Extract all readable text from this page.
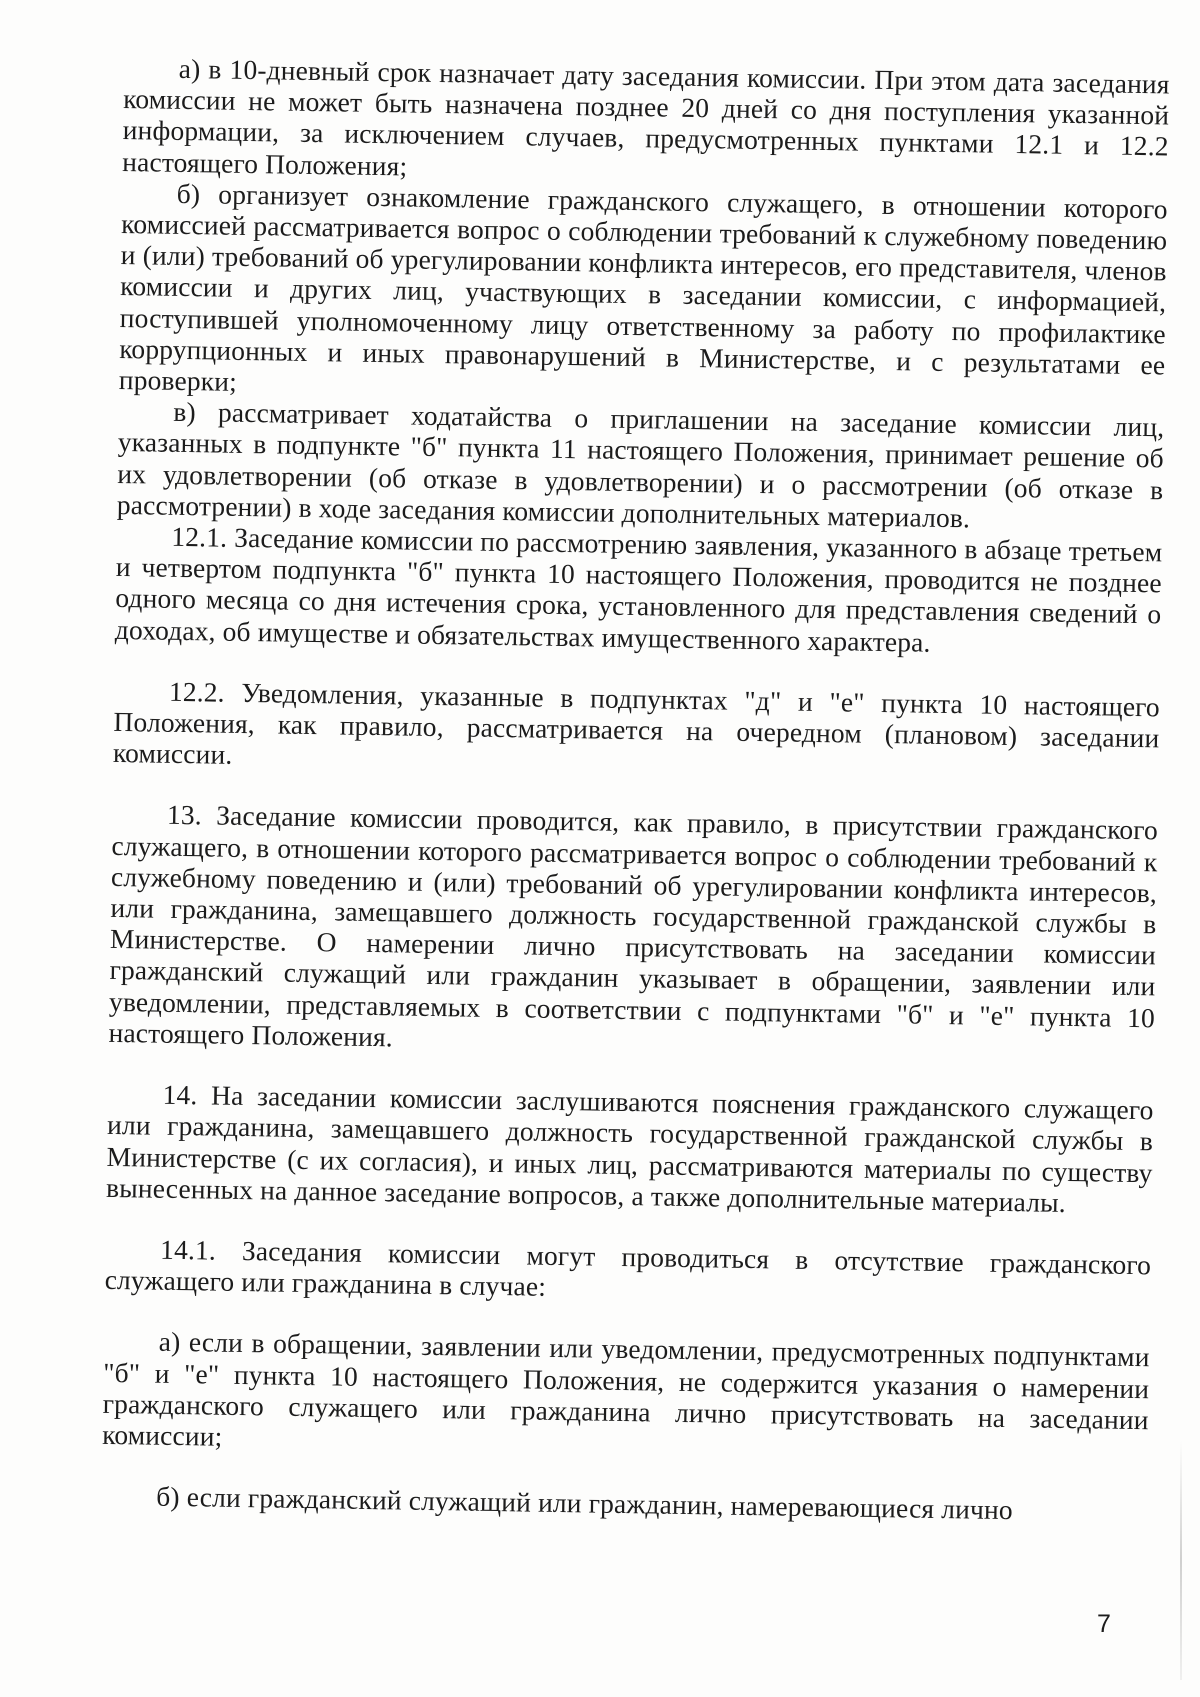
а) в 10-дневный срок назначает дату заседания комиссии. При этом дата заседания комиссии не может быть назначена позднее 20 дней со дня поступления указанной информации, за исключением случаев, предусмотренных пунктами 12.1 и 12.2 настоящего Положения;

б) организует ознакомление гражданского служащего, в отношении которого комиссией рассматривается вопрос о соблюдении требований к служебному поведению и (или) требований об урегулировании конфликта интересов, его представителя, членов комиссии и других лиц, участвующих в заседании комиссии, с информацией, поступившей уполномоченному лицу ответственному за работу по профилактике коррупционных и иных правонарушений в Министерстве, и с результатами ее проверки;

в) рассматривает ходатайства о приглашении на заседание комиссии лиц, указанных в подпункте "б" пункта 11 настоящего Положения, принимает решение об их удовлетворении (об отказе в удовлетворении) и о рассмотрении (об отказе в рассмотрении) в ходе заседания комиссии дополнительных материалов.

12.1. Заседание комиссии по рассмотрению заявления, указанного в абзаце третьем и четвертом подпункта "б" пункта 10 настоящего Положения, проводится не позднее одного месяца со дня истечения срока, установленного для представления сведений о доходах, об имуществе и обязательствах имущественного характера.

12.2. Уведомления, указанные в подпунктах "д" и "е" пункта 10 настоящего Положения, как правило, рассматривается на очередном (плановом) заседании комиссии.

13. Заседание комиссии проводится, как правило, в присутствии гражданского служащего, в отношении которого рассматривается вопрос о соблюдении требований к служебному поведению и (или) требований об урегулировании конфликта интересов, или гражданина, замещавшего должность государственной гражданской службы в Министерстве. О намерении лично присутствовать на заседании комиссии гражданский служащий или гражданин указывает в обращении, заявлении или уведомлении, представляемых в соответствии с подпунктами "б" и "е" пункта 10 настоящего Положения.

14. На заседании комиссии заслушиваются пояснения гражданского служащего или гражданина, замещавшего должность государственной гражданской службы в Министерстве (с их согласия), и иных лиц, рассматриваются материалы по существу вынесенных на данное заседание вопросов, а также дополнительные материалы.

14.1. Заседания комиссии могут проводиться в отсутствие гражданского служащего или гражданина в случае:

а) если в обращении, заявлении или уведомлении, предусмотренных подпунктами "б" и "е" пункта 10 настоящего Положения, не содержится указания о намерении гражданского служащего или гражданина лично присутствовать на заседании комиссии;

б) если гражданский служащий или гражданин, намеревающиеся лично

7
